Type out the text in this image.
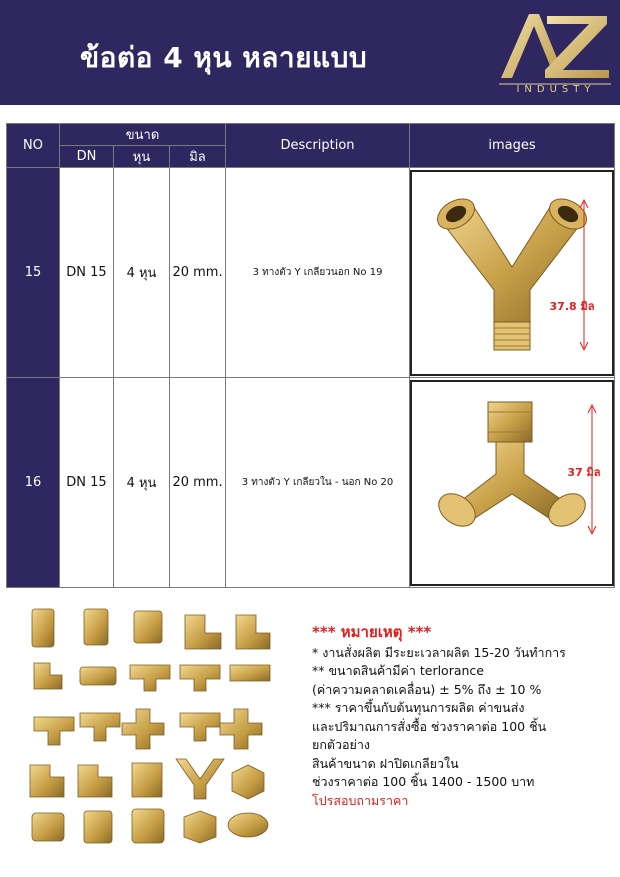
ข้อต่อ 4 หุน หลายแบบ
INDUSTY
NO	ขนาด			Description	images
	DN	หุน	มิล		
15	DN 15	4 หุน	20 mm.	3 ทางตัว Y เกลียวนอก No 19	37.8 มิล

16	DN 15	4 หุน	20 mm.	3 ทางตัว Y เกลียวใน - นอก No 20	37 มิล
*** หมายเหตุ ***
* งานสั่งผลิต มีระยะเวลาผลิต 15-20 วันทำการ
** ขนาดสินค้ามีค่า terlorance
(ค่าความคลาดเคลื่อน) ± 5% ถึง ± 10 %
*** ราคาขึ้นกับต้นทุนการผลิต ค่าขนส่ง
และปริมาณการสั่งซื้อ ช่วงราคาต่อ 100 ชิ้น
ยกตัวอย่าง
สินค้าขนาด ฝาปิดเกลียวใน
ช่วงราคาต่อ 100 ชิ้น 1400 - 1500 บาท
โปรสอบถามราคา
